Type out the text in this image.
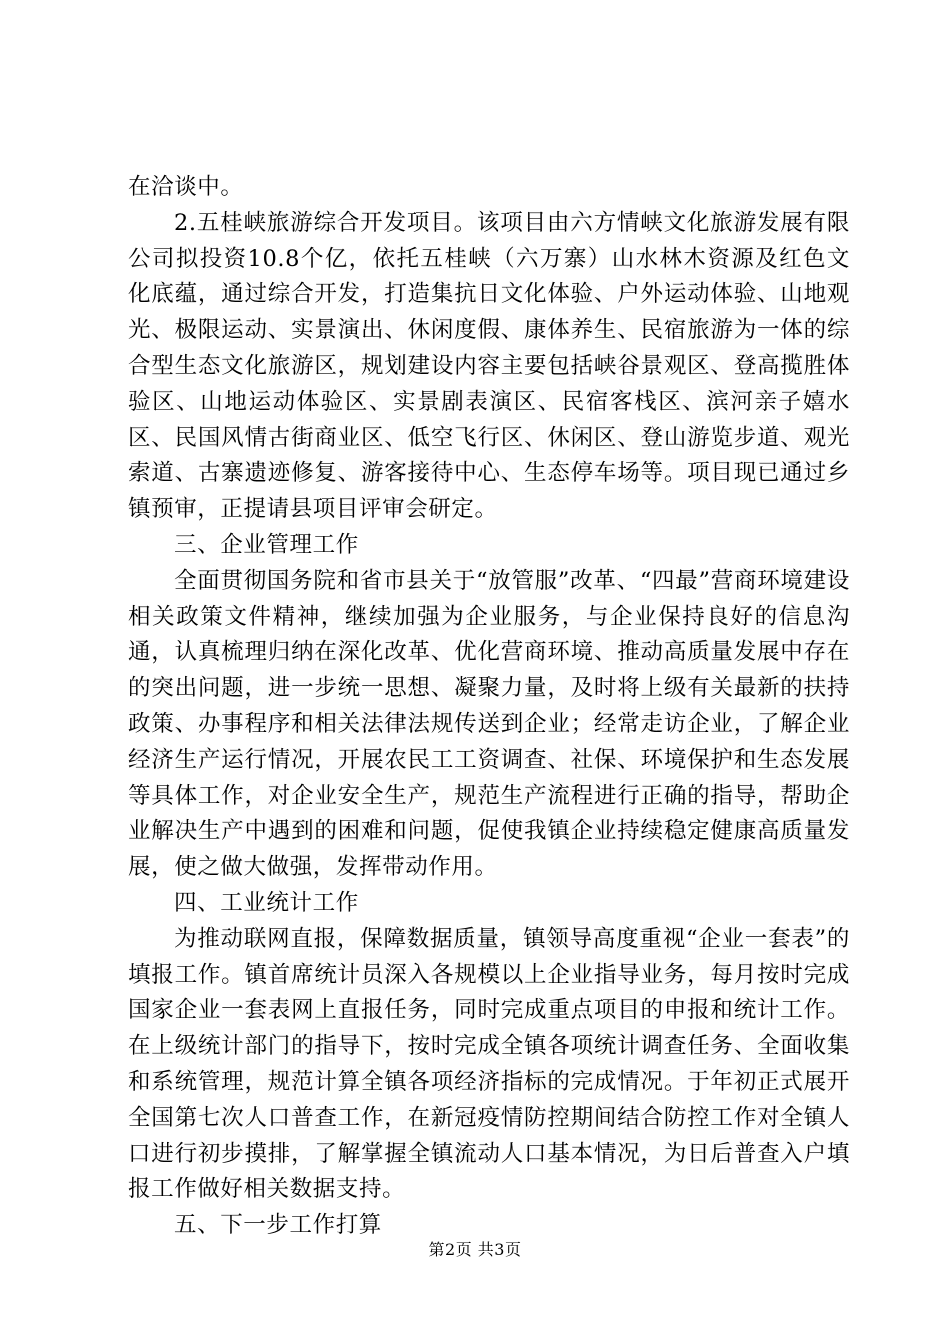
在洽谈中。

2.五桂峡旅游综合开发项目。该项目由六方情峡文化旅游发展有限公司拟投资10.8个亿，依托五桂峡（六万寨）山水林木资源及红色文化底蕴，通过综合开发，打造集抗日文化体验、户外运动体验、山地观光、极限运动、实景演出、休闲度假、康体养生、民宿旅游为一体的综合型生态文化旅游区，规划建设内容主要包括峡谷景观区、登高揽胜体验区、山地运动体验区、实景剧表演区、民宿客栈区、滨河亲子嬉水区、民国风情古街商业区、低空飞行区、休闲区、登山游览步道、观光索道、古寨遗迹修复、游客接待中心、生态停车场等。项目现已通过乡镇预审，正提请县项目评审会研定。

三、企业管理工作

全面贯彻国务院和省市县关于“放管服”改革、“四最”营商环境建设相关政策文件精神，继续加强为企业服务，与企业保持良好的信息沟通，认真梳理归纳在深化改革、优化营商环境、推动高质量发展中存在的突出问题，进一步统一思想、凝聚力量，及时将上级有关最新的扶持政策、办事程序和相关法律法规传送到企业；经常走访企业，了解企业经济生产运行情况，开展农民工工资调查、社保、环境保护和生态发展等具体工作，对企业安全生产，规范生产流程进行正确的指导，帮助企业解决生产中遇到的困难和问题，促使我镇企业持续稳定健康高质量发展，使之做大做强，发挥带动作用。

四、工业统计工作

为推动联网直报，保障数据质量，镇领导高度重视“企业一套表”的填报工作。镇首席统计员深入各规模以上企业指导业务，每月按时完成国家企业一套表网上直报任务，同时完成重点项目的申报和统计工作。在上级统计部门的指导下，按时完成全镇各项统计调查任务、全面收集和系统管理，规范计算全镇各项经济指标的完成情况。于年初正式展开全国第七次人口普查工作，在新冠疫情防控期间结合防控工作对全镇人口进行初步摸排，了解掌握全镇流动人口基本情况，为日后普查入户填报工作做好相关数据支持。

五、下一步工作打算

第2页 共3页
